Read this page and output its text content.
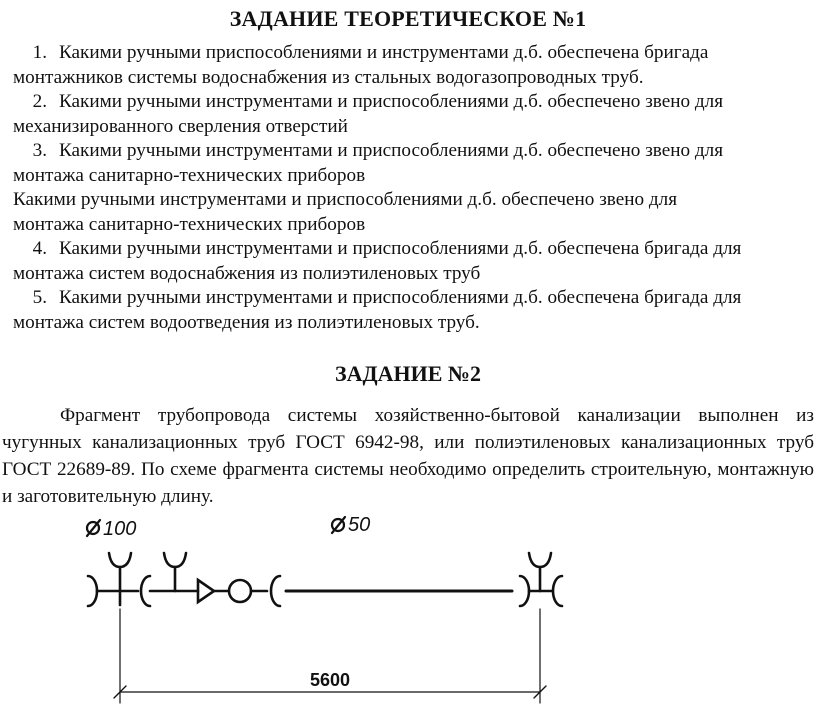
ЗАДАНИЕ ТЕОРЕТИЧЕСКОЕ №1

1. Какими ручными приспособлениями и инструментами д.б. обеспечена бригада
монтажников системы водоснабжения из стальных водогазопроводных труб.

2. Какими ручными инструментами и приспособлениями д.б. обеспечено звено для
механизированного сверления отверстий

3. Какими ручными инструментами и приспособлениями д.б. обеспечено звено для
монтажа санитарно-технических приборов

Какими ручными инструментами и приспособлениями д.б. обеспечено звено для
монтажа санитарно-технических приборов

4. Какими ручными инструментами и приспособлениями д.б. обеспечена бригада для
монтажа систем водоснабжения из полиэтиленовых труб

5. Какими ручными инструментами и приспособлениями д.б. обеспечена бригада для
монтажа систем водоотведения из полиэтиленовых труб.

ЗАДАНИЕ №2

Фрагмент трубопровода системы хозяйственно-бытовой канализации выполнен из чугунных канализационных труб ГОСТ 6942-98, или полиэтиленовых канализационных труб ГОСТ 22689-89. По схеме фрагмента системы необходимо определить строительную, монтажную и заготовительную длину.

100	50
5600
